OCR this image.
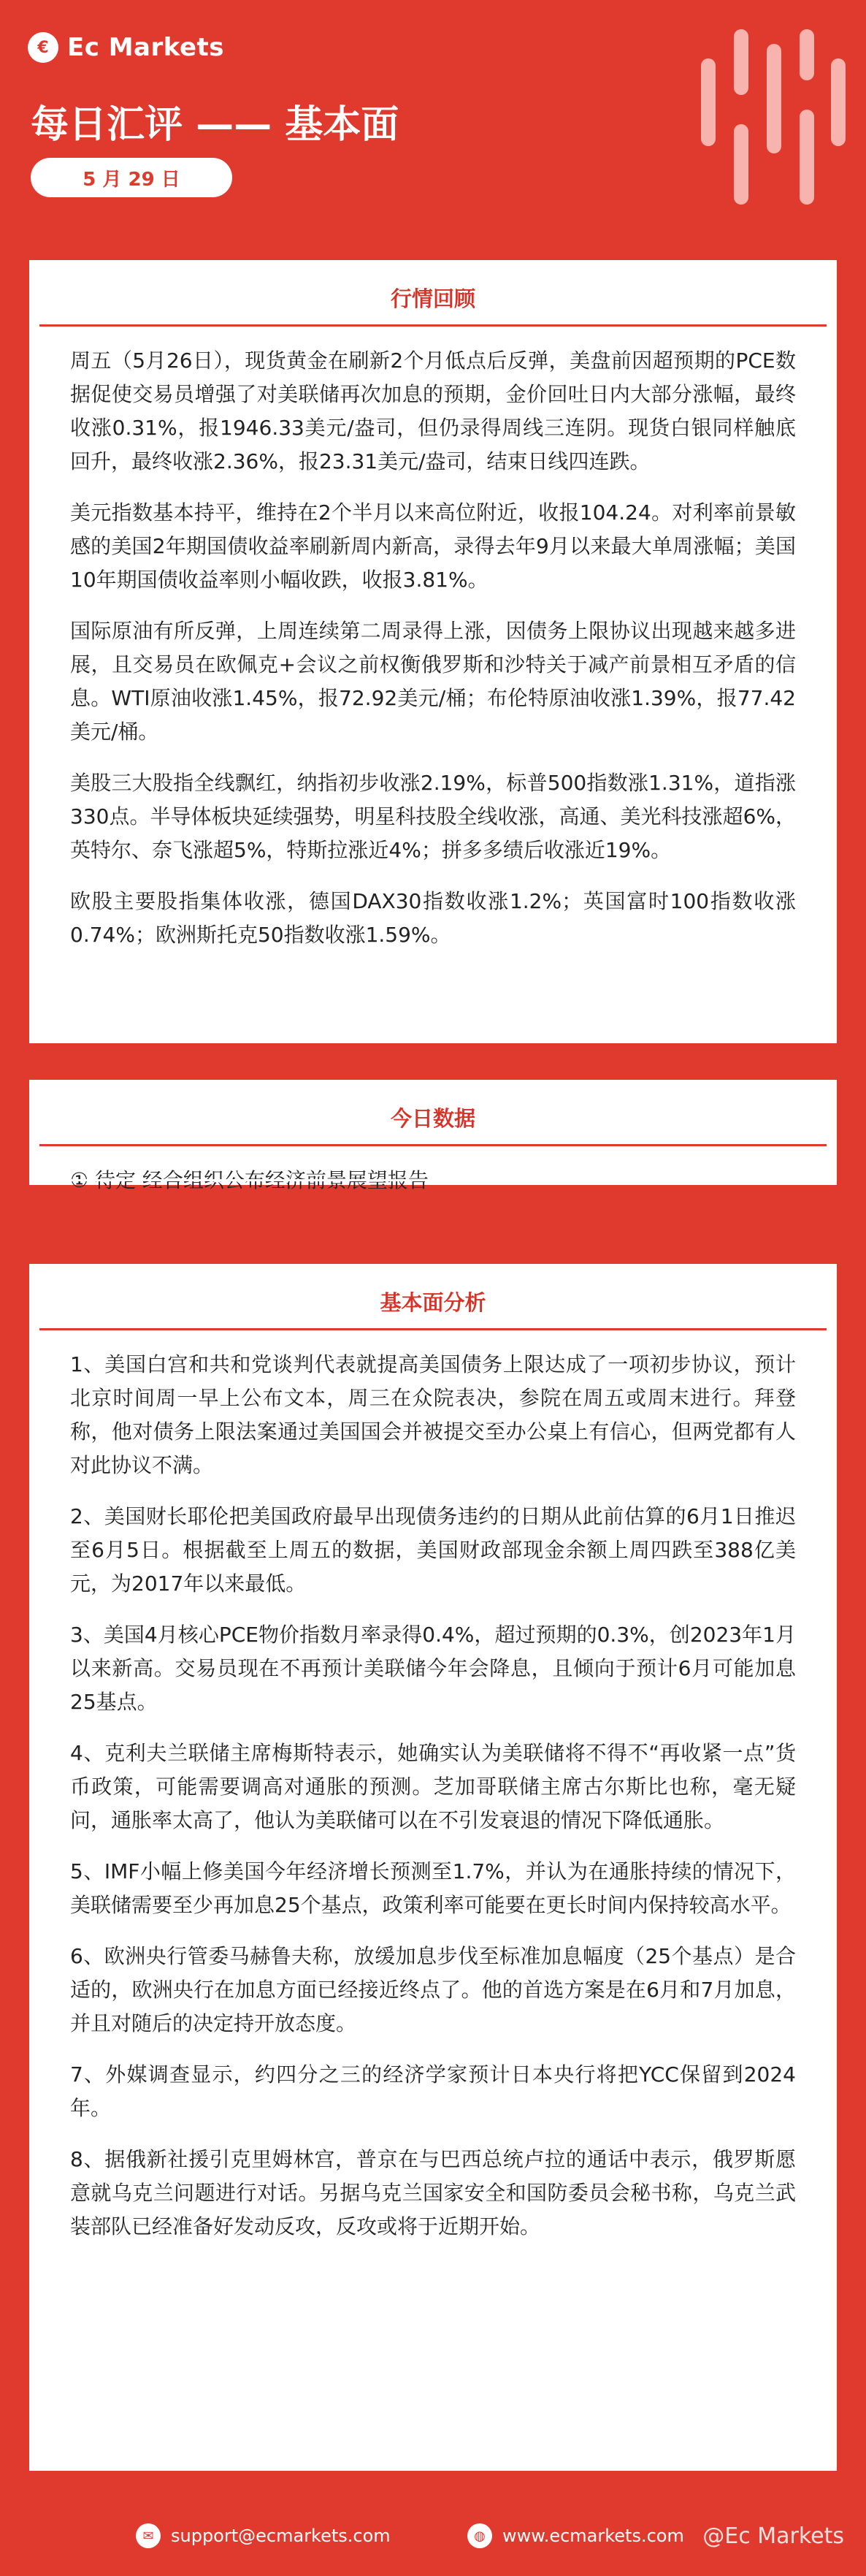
€ Ec Markets
每日汇评 —— 基本面
5 月 29 日
行情回顾

周五（5月26日），现货黄金在刷新2个月低点后反弹，美盘前因超预期的PCE数据促使交易员增强了对美联储再次加息的预期，金价回吐日内大部分涨幅，最终收涨0.31%，报1946.33美元/盎司，但仍录得周线三连阴。现货白银同样触底回升，最终收涨2.36%，报23.31美元/盎司，结束日线四连跌。

美元指数基本持平，维持在2个半月以来高位附近，收报104.24。对利率前景敏感的美国2年期国债收益率刷新周内新高，录得去年9月以来最大单周涨幅；美国10年期国债收益率则小幅收跌，收报3.81%。

国际原油有所反弹，上周连续第二周录得上涨，因债务上限协议出现越来越多进展，且交易员在欧佩克+会议之前权衡俄罗斯和沙特关于减产前景相互矛盾的信息。WTI原油收涨1.45%，报72.92美元/桶；布伦特原油收涨1.39%，报77.42美元/桶。

美股三大股指全线飘红，纳指初步收涨2.19%，标普500指数涨1.31%，道指涨330点。半导体板块延续强势，明星科技股全线收涨，高通、美光科技涨超6%，英特尔、奈飞涨超5%，特斯拉涨近4%；拼多多绩后收涨近19%。

欧股主要股指集体收涨，德国DAX30指数收涨1.2%；英国富时100指数收涨0.74%；欧洲斯托克50指数收涨1.59%。

今日数据

① 待定 经合组织公布经济前景展望报告

基本面分析

1、美国白宫和共和党谈判代表就提高美国债务上限达成了一项初步协议，预计北京时间周一早上公布文本，周三在众院表决，参院在周五或周末进行。拜登称，他对债务上限法案通过美国国会并被提交至办公桌上有信心，但两党都有人对此协议不满。

2、美国财长耶伦把美国政府最早出现债务违约的日期从此前估算的6月1日推迟至6月5日。根据截至上周五的数据，美国财政部现金余额上周四跌至388亿美元，为2017年以来最低。

3、美国4月核心PCE物价指数月率录得0.4%，超过预期的0.3%，创2023年1月以来新高。交易员现在不再预计美联储今年会降息，且倾向于预计6月可能加息25基点。

4、克利夫兰联储主席梅斯特表示，她确实认为美联储将不得不“再收紧一点”货币政策，可能需要调高对通胀的预测。芝加哥联储主席古尔斯比也称，毫无疑问，通胀率太高了，他认为美联储可以在不引发衰退的情况下降低通胀。

5、IMF小幅上修美国今年经济增长预测至1.7%，并认为在通胀持续的情况下，美联储需要至少再加息25个基点，政策利率可能要在更长时间内保持较高水平。

6、欧洲央行管委马赫鲁夫称，放缓加息步伐至标准加息幅度（25个基点）是合适的，欧洲央行在加息方面已经接近终点了。他的首选方案是在6月和7月加息，并且对随后的决定持开放态度。

7、外媒调查显示，约四分之三的经济学家预计日本央行将把YCC保留到2024年。

8、据俄新社援引克里姆林宫，普京在与巴西总统卢拉的通话中表示，俄罗斯愿意就乌克兰问题进行对话。另据乌克兰国家安全和国防委员会秘书称，乌克兰武装部队已经准备好发动反攻，反攻或将于近期开始。

✉ support@ecmarkets.com	◍ www.ecmarkets.com @Ec Markets
